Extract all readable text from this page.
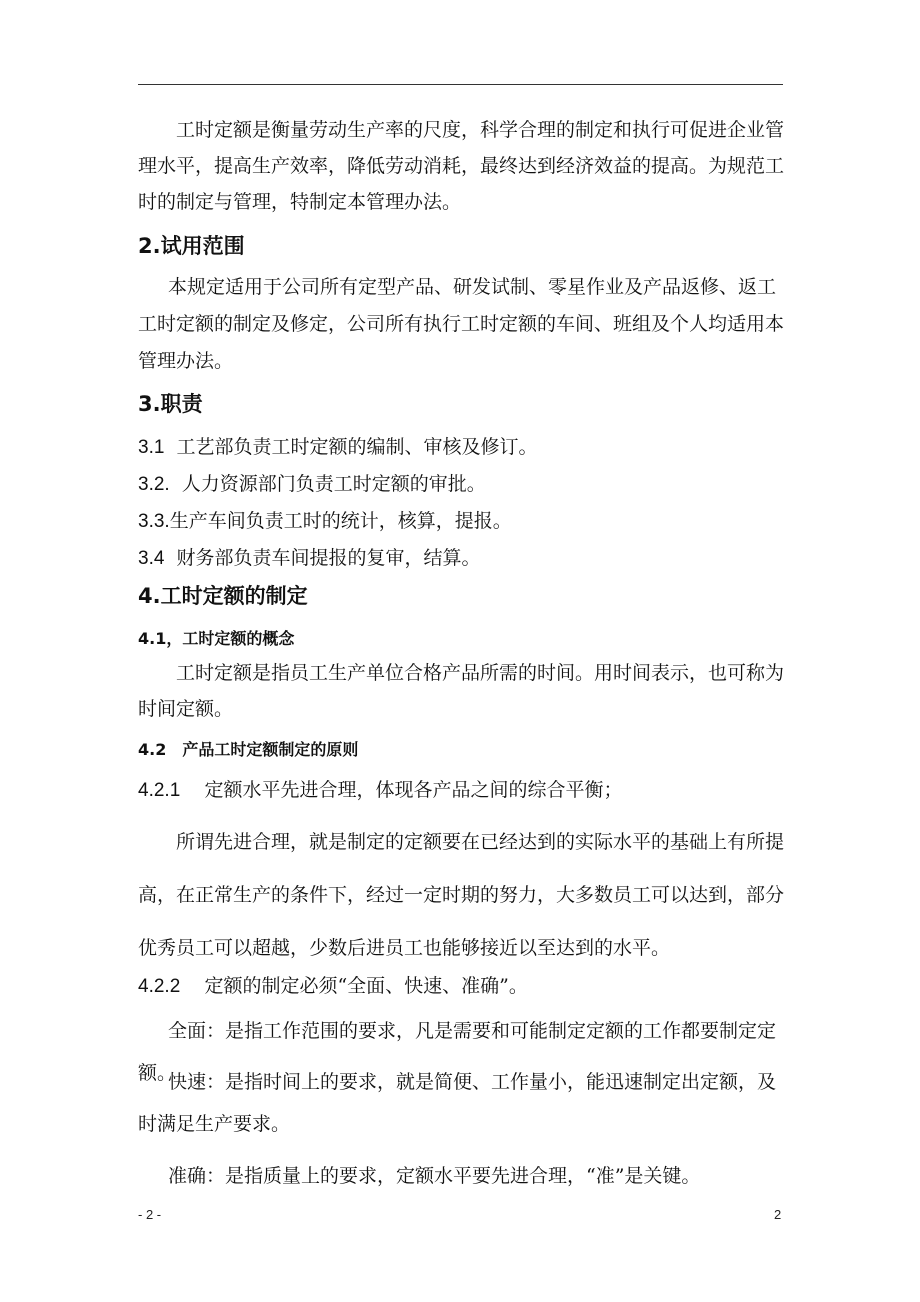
工时定额是衡量劳动生产率的尺度，科学合理的制定和执行可促进企业管理水平，提高生产效率，降低劳动消耗，最终达到经济效益的提高。为规范工时的制定与管理，特制定本管理办法。
2.试用范围
本规定适用于公司所有定型产品、研发试制、零星作业及产品返修、返工工时定额的制定及修定，公司所有执行工时定额的车间、班组及个人均适用本管理办法。
3.职责
3.1 工艺部负责工时定额的编制、审核及修订。
3.2. 人力资源部门负责工时定额的审批。
3.3.生产车间负责工时的统计，核算，提报。
3.4 财务部负责车间提报的复审，结算。
4.工时定额的制定
4.1，工时定额的概念
工时定额是指员工生产单位合格产品所需的时间。用时间表示，也可称为时间定额。
4.2　产品工时定额制定的原则
4.2.1 定额水平先进合理，体现各产品之间的综合平衡；
所谓先进合理，就是制定的定额要在已经达到的实际水平的基础上有所提高，在正常生产的条件下，经过一定时期的努力，大多数员工可以达到，部分优秀员工可以超越，少数后进员工也能够接近以至达到的水平。
4.2.2 定额的制定必须“全面、快速、准确”。
全面：是指工作范围的要求，凡是需要和可能制定定额的工作都要制定定额。
快速：是指时间上的要求，就是简便、工作量小，能迅速制定出定额，及时满足生产要求。
准确：是指质量上的要求，定额水平要先进合理，“准”是关键。
- 2 -	2
